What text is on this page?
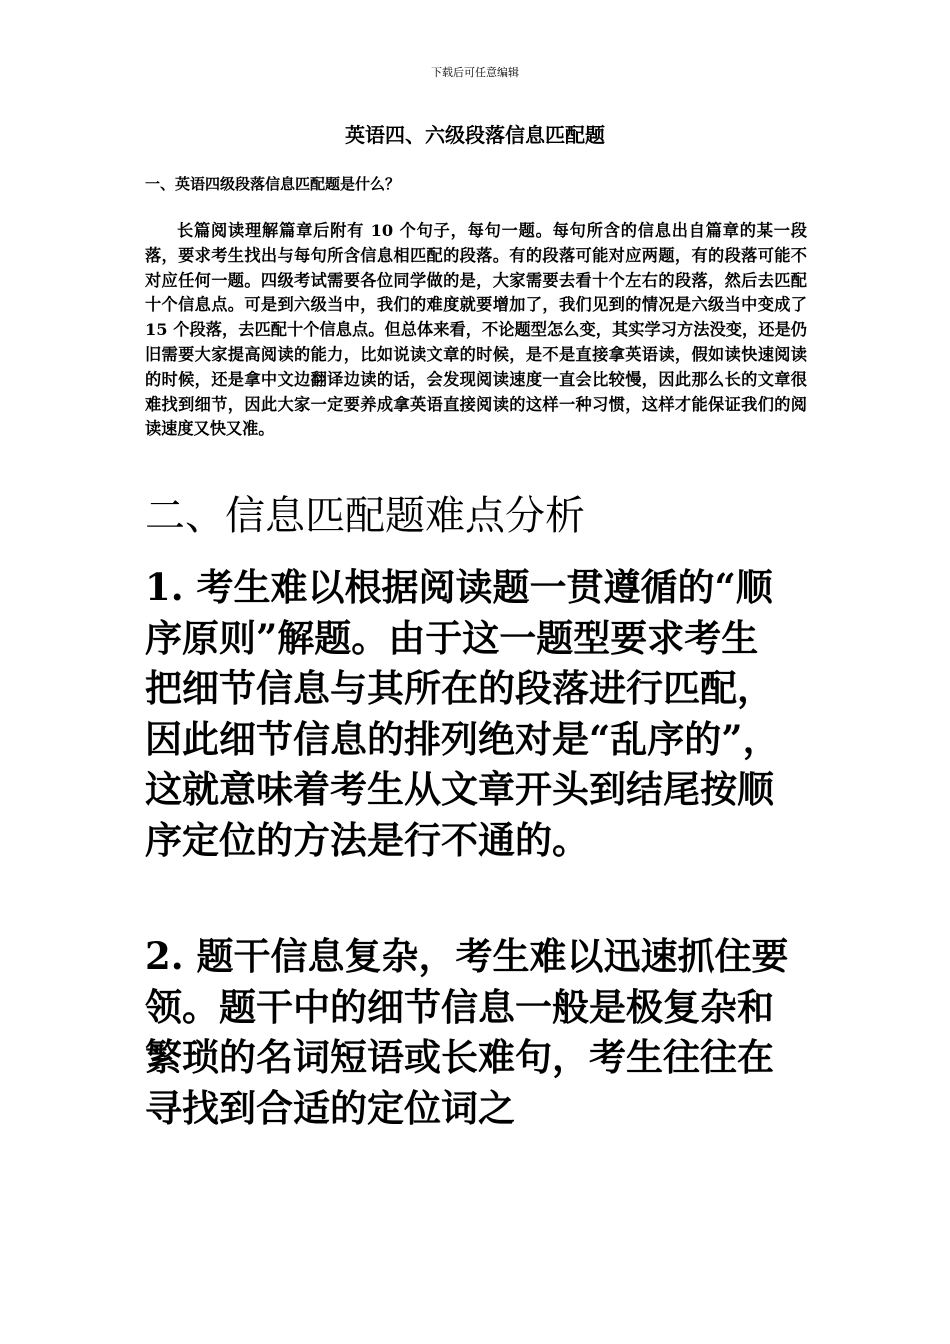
下载后可任意编辑
英语四、六级段落信息匹配题
一、英语四级段落信息匹配题是什么？

长篇阅读理解篇章后附有 10 个句子，每句一题。每句所含的信息出自篇章的某一段落，要求考生找出与每句所含信息相匹配的段落。有的段落可能对应两题，有的段落可能不对应任何一题。四级考试需要各位同学做的是，大家需要去看十个左右的段落，然后去匹配十个信息点。可是到六级当中，我们的难度就要增加了，我们见到的情况是六级当中变成了 15 个段落，去匹配十个信息点。但总体来看，不论题型怎么变，其实学习方法没变，还是仍旧需要大家提高阅读的能力，比如说读文章的时候，是不是直接拿英语读，假如读快速阅读的时候，还是拿中文边翻译边读的话，会发现阅读速度一直会比较慢，因此那么长的文章很难找到细节，因此大家一定要养成拿英语直接阅读的这样一种习惯，这样才能保证我们的阅读速度又快又准。

二、信息匹配题难点分析

1. 考生难以根据阅读题一贯遵循的“顺序原则”解题。由于这一题型要求考生把细节信息与其所在的段落进行匹配，因此细节信息的排列绝对是“乱序的”，这就意味着考生从文章开头到结尾按顺序定位的方法是行不通的。

2. 题干信息复杂，考生难以迅速抓住要领。题干中的细节信息一般是极复杂和繁琐的名词短语或长难句，考生往往在寻找到合适的定位词之
